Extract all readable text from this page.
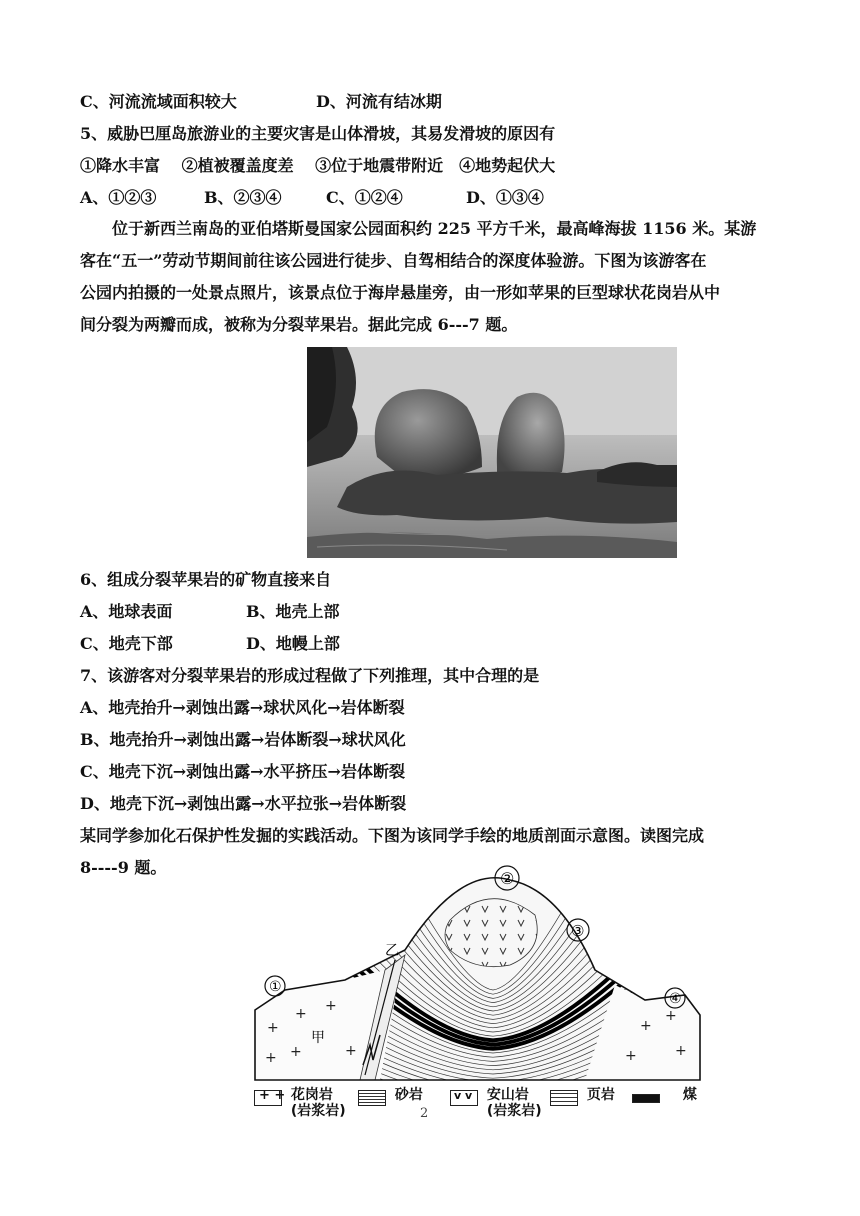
C、河流流域面积较大	D、河流有结冰期
5、威胁巴厘岛旅游业的主要灾害是山体滑坡，其易发滑坡的原因有
①降水丰富　 ②植被覆盖度差　 ③位于地震带附近　④地势起伏大
A、①②③	B、②③④	C、①②④	D、①③④
位于新西兰南岛的亚伯塔斯曼国家公园面积约 225 平方千米，最高峰海拔 1156 米。某游
客在“五一”劳动节期间前往该公园进行徒步、自驾相结合的深度体验游。下图为该游客在
公园内拍摄的一处景点照片，该景点位于海岸悬崖旁，由一形如苹果的巨型球状花岗岩从中
间分裂为两瓣而成，被称为分裂苹果岩。据此完成 6---7 题。
6、组成分裂苹果岩的矿物直接来自
A、地球表面	B、地壳上部
C、地壳下部	D、地幔上部
7、该游客对分裂苹果岩的形成过程做了下列推理，其中合理的是
A、地壳抬升→剥蚀出露→球状风化→岩体断裂
B、地壳抬升→剥蚀出露→岩体断裂→球状风化
C、地壳下沉→剥蚀出露→水平挤压→岩体断裂
D、地壳下沉→剥蚀出露→水平拉张→岩体断裂
某同学参加化石保护性发掘的实践活动。下图为该同学手绘的地质剖面示意图。读图完成
8----9 题。
+
+ +
+ +	+
+
+
+	+
①
②
③
④
甲
乙
+ + 花岗岩
(岩浆岩)
砂岩	v v 安山岩
(岩浆岩)
页岩	煤
2
